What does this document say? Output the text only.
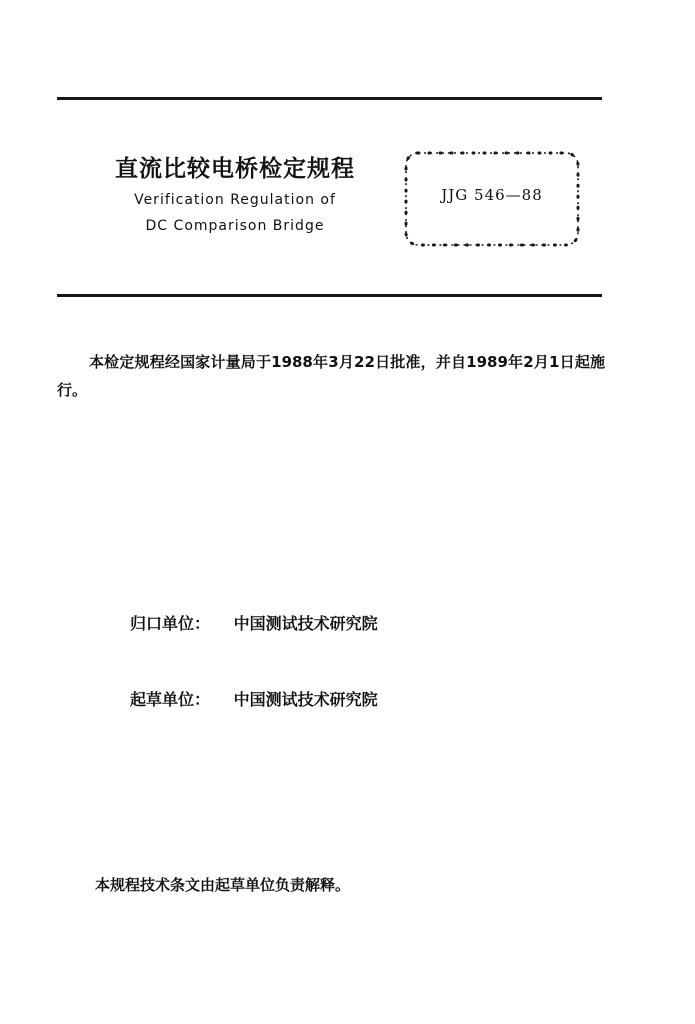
直流比较电桥检定规程
Verification Regulation of
DC Comparison Bridge
JJG 546—88
本检定规程经国家计量局于1988年3月22日批准，并自1989年2月1日起施行。
归口单位： 中国测试技术研究院
起草单位： 中国测试技术研究院
本规程技术条文由起草单位负责解释。
